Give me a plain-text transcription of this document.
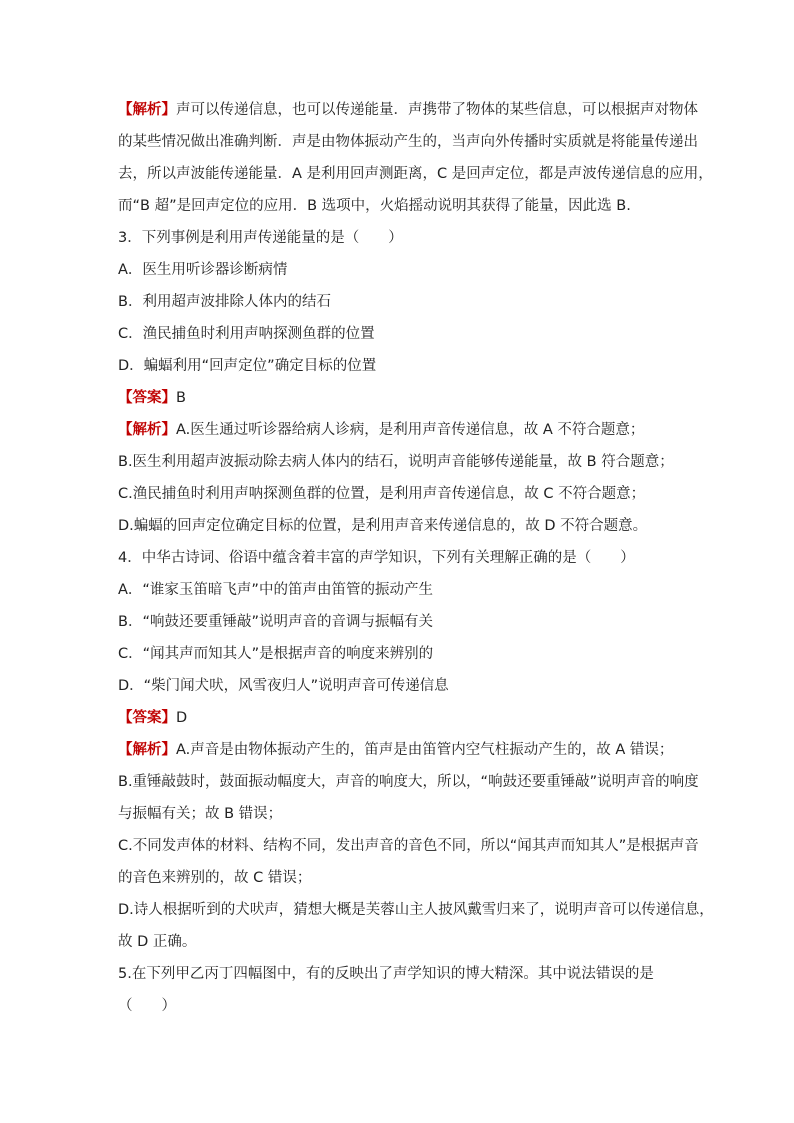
【解析】声可以传递信息，也可以传递能量．声携带了物体的某些信息，可以根据声对物体

的某些情况做出准确判断．声是由物体振动产生的，当声向外传播时实质就是将能量传递出

去，所以声波能传递能量．A 是利用回声测距离，C 是回声定位，都是声波传递信息的应用，

而“B 超”是回声定位的应用．B 选项中，火焰摇动说明其获得了能量，因此选 B.

3．下列事例是利用声传递能量的是（　　）

A．医生用听诊器诊断病情

B．利用超声波排除人体内的结石

C．渔民捕鱼时利用声呐探测鱼群的位置

D．蝙蝠利用“回声定位”确定目标的位置

【答案】B

【解析】A.医生通过听诊器给病人诊病，是利用声音传递信息，故 A 不符合题意；

B.医生利用超声波振动除去病人体内的结石，说明声音能够传递能量，故 B 符合题意；

C.渔民捕鱼时利用声呐探测鱼群的位置，是利用声音传递信息，故 C 不符合题意；

D.蝙蝠的回声定位确定目标的位置，是利用声音来传递信息的，故 D 不符合题意。

4．中华古诗词、俗语中蕴含着丰富的声学知识，下列有关理解正确的是（　　）

A．“谁家玉笛暗飞声”中的笛声由笛管的振动产生

B．“响鼓还要重锤敲”说明声音的音调与振幅有关

C．“闻其声而知其人”是根据声音的响度来辨别的

D．“柴门闻犬吠，风雪夜归人”说明声音可传递信息

【答案】D

【解析】A.声音是由物体振动产生的，笛声是由笛管内空气柱振动产生的，故 A 错误；

B.重锤敲鼓时，鼓面振动幅度大，声音的响度大，所以，“响鼓还要重锤敲”说明声音的响度

与振幅有关；故 B 错误；

C.不同发声体的材料、结构不同，发出声音的音色不同，所以“闻其声而知其人”是根据声音

的音色来辨别的，故 C 错误；

D.诗人根据听到的犬吠声，猜想大概是芙蓉山主人披风戴雪归来了，说明声音可以传递信息，

故 D 正确。

5.在下列甲乙丙丁四幅图中，有的反映出了声学知识的博大精深。其中说法错误的是

（　　）
